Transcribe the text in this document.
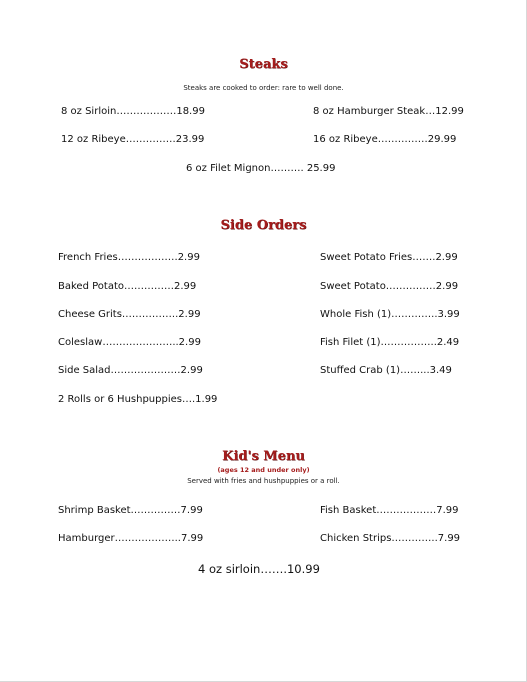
Steaks
Steaks are cooked to order: rare to well done.
8 oz Sirloin………………18.99	8 oz Hamburger Steak…12.99
12 oz Ribeye……………23.99	16 oz Ribeye……………29.99
6 oz Filet Mignon………. 25.99
Side Orders
French Fries………………2.99	Sweet Potato Fries…….2.99
Baked Potato……………2.99	Sweet Potato……………2.99
Cheese Grits……………..2.99	Whole Fish (1)…………..3.99
Coleslaw…………………..2.99	Fish Filet (1)……………..2.49
Side Salad…………………2.99	Stuffed Crab (1)……...3.49
2 Rolls or 6 Hushpuppies….1.99
Kid's Menu
(ages 12 and under only)
Served with fries and hushpuppies or a roll.
Shrimp Basket……………7.99	Fish Basket………………7.99
Hamburger………………..7.99	Chicken Strips…………..7.99
4 oz sirloin…….10.99
